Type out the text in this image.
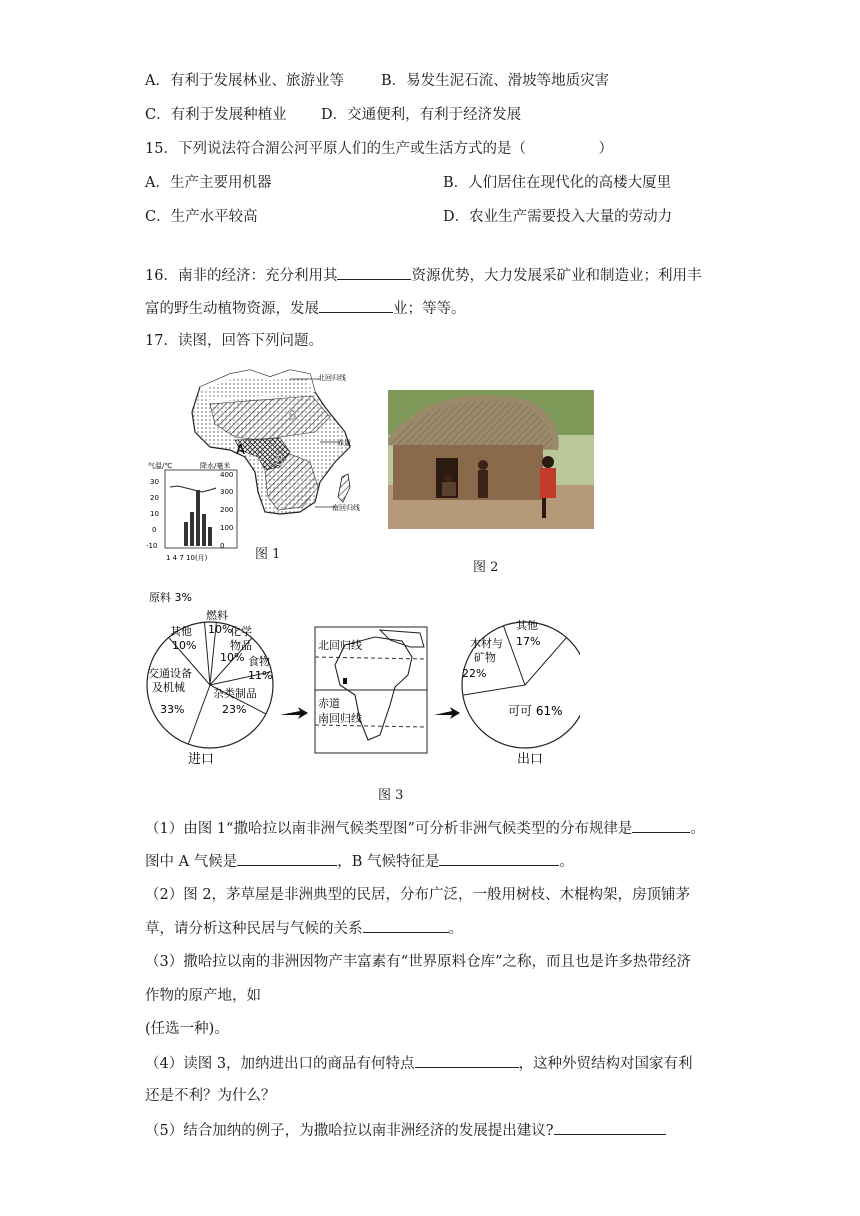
A．有利于发展林业、旅游业等	B．易发生泥石流、滑坡等地质灾害
C．有利于发展种植业 D．交通便利，有利于经济发展
15．下列说法符合湄公河平原人们的生产或生活方式的是（　　　　　）
A．生产主要用机器	B．人们居住在现代化的高楼大厦里
C．生产水平较高	D．农业生产需要投入大量的劳动力
16．南非的经济：充分利用其	资源优势，大力发展采矿业和制造业；利用丰
富的野生动植物资源，发展	业；等等。
17．读图，回答下列问题。
北回归线
赤道
南回归线
B
B
A
气温/℃	降水/毫米
30
20
10
0
-10
400
300
200
100
0
1 4 7 10(月)	图 1
图 2
原料 3%
燃料
10%
其他
10%
化学
物品
10% 食物
11%
交通设备
及机械
33%
杂类制品
23%
进口
北回归线
赤道
南回归线
其他
17%
木材与
矿物
22%
可可 61%
出口
图 3
（1）由图 1“撒哈拉以南非洲气候类型图”可分析非洲气候类型的分布规律是	。
图中 A 气候是	，B 气候特征是	。
（2）图 2，茅草屋是非洲典型的民居，分布广泛，一般用树枝、木棍构架，房顶铺茅
草，请分析这种民居与气候的关系	。
（3）撒哈拉以南的非洲因物产丰富素有“世界原料仓库”之称，而且也是许多热带经济
作物的原产地，如
(任选一种)。
（4）读图 3，加纳进出口的商品有何特点	，这种外贸结构对国家有利
还是不利？为什么？
（5）结合加纳的例子，为撒哈拉以南非洲经济的发展提出建议?
